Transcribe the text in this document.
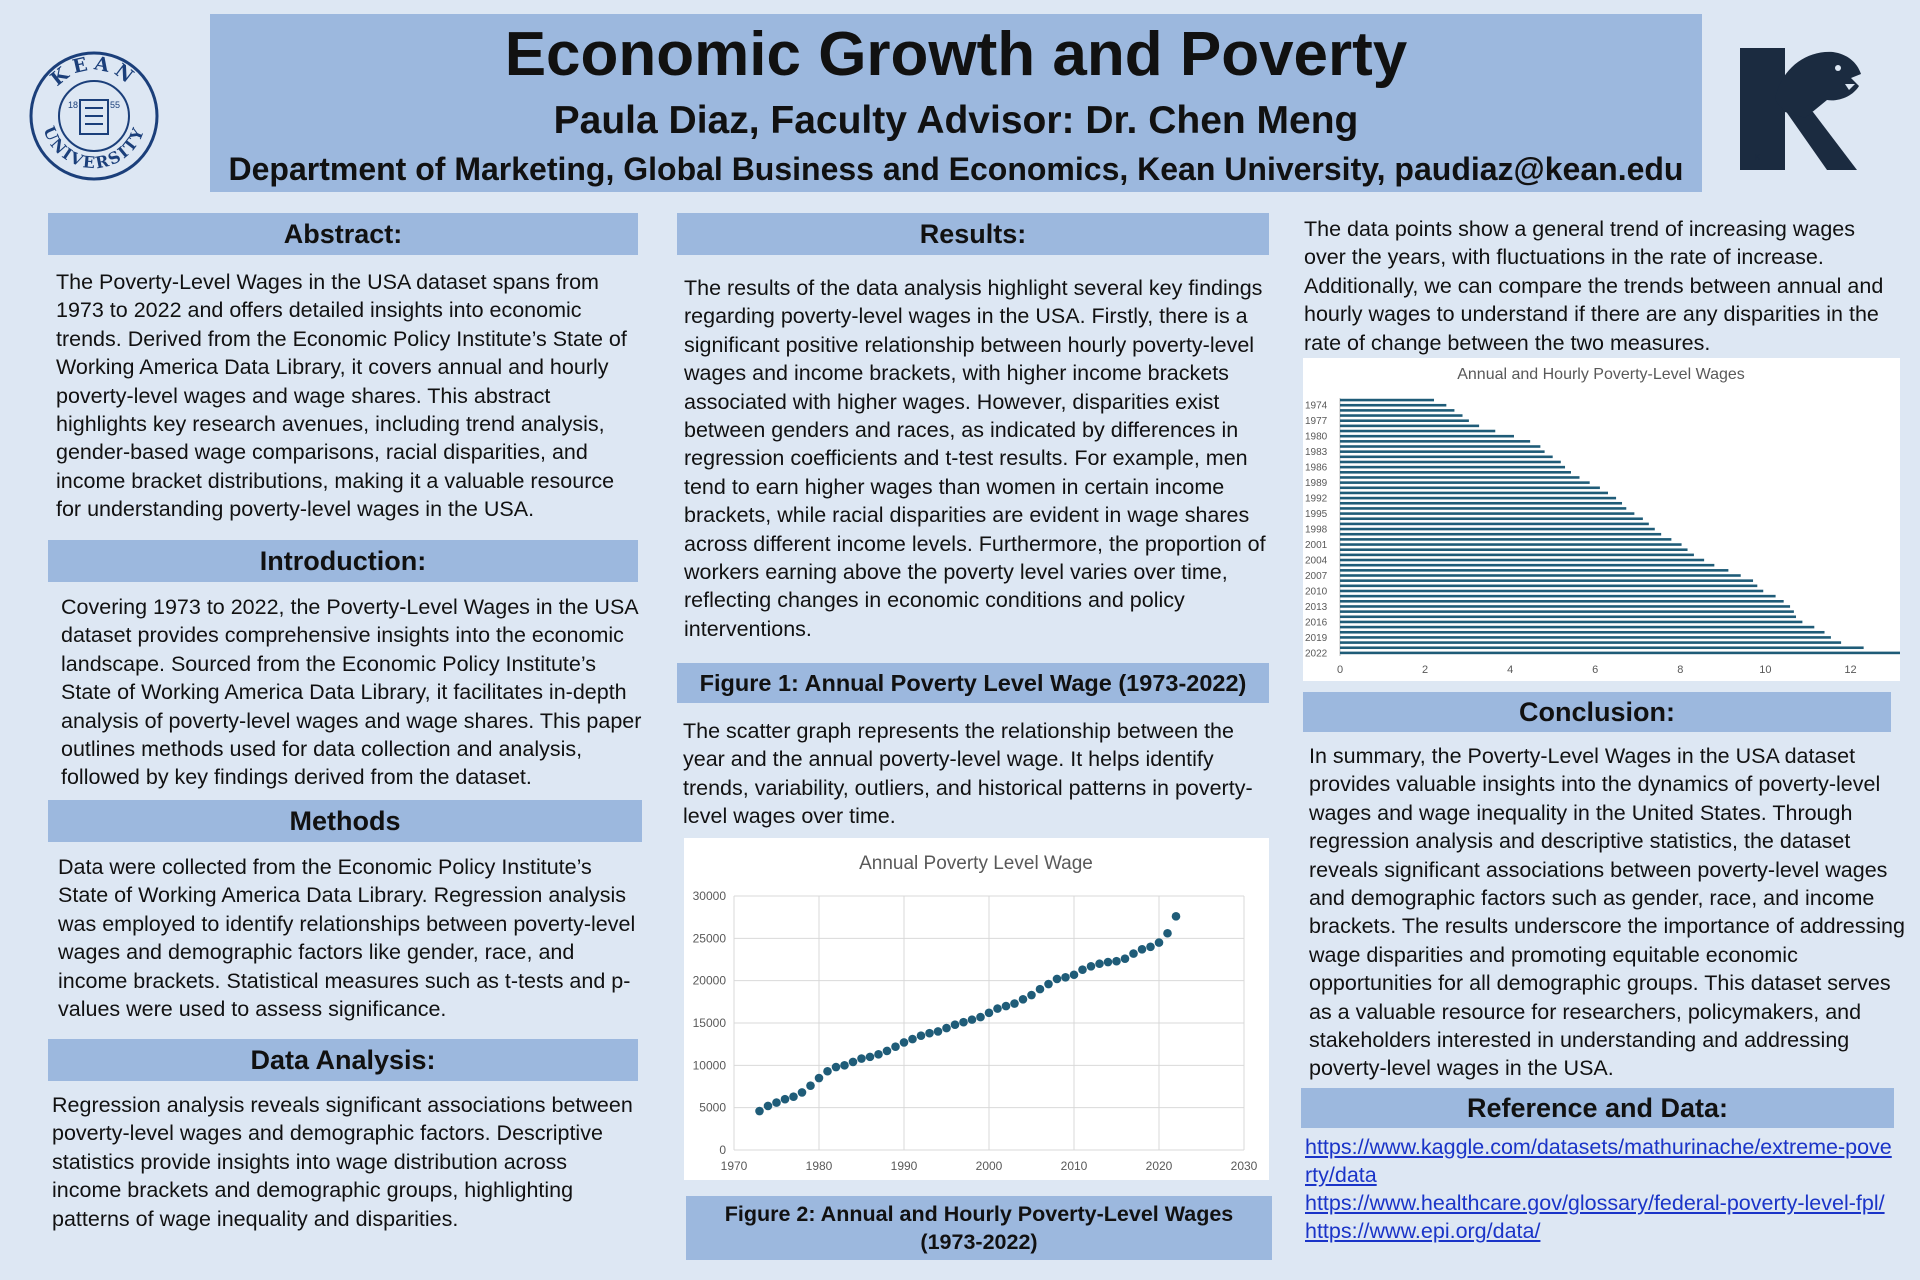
Economic Growth and Poverty
Paula Diaz, Faculty Advisor: Dr. Chen Meng
Department of Marketing, Global Business and Economics, Kean University, paudiaz@kean.edu
KEAN
UNIVERSITY
18	55
K
Abstract:
The Poverty-Level Wages in the USA dataset spans from 1973 to 2022 and offers detailed insights into economic trends. Derived from the Economic Policy Institute’s State of Working America Data Library, it covers annual and hourly poverty-level wages and wage shares. This abstract highlights key research avenues, including trend analysis, gender-based wage comparisons, racial disparities, and income bracket distributions, making it a valuable resource for understanding poverty-level wages in the USA.
Introduction:
Covering 1973 to 2022, the Poverty-Level Wages in the USA dataset provides comprehensive insights into the economic landscape. Sourced from the Economic Policy Institute’s State of Working America Data Library, it facilitates in-depth analysis of poverty-level wages and wage shares. This paper outlines methods used for data collection and analysis, followed by key findings derived from the dataset.
Methods
Data were collected from the Economic Policy Institute’s State of Working America Data Library. Regression analysis was employed to identify relationships between poverty-level wages and demographic factors like gender, race, and income brackets. Statistical measures such as t-tests and p-values were used to assess significance.
Data Analysis:
Regression analysis reveals significant associations between poverty-level wages and demographic factors. Descriptive statistics provide insights into wage distribution across income brackets and demographic groups, highlighting patterns of wage inequality and disparities.
Results:
The results of the data analysis highlight several key findings regarding poverty-level wages in the USA. Firstly, there is a significant positive relationship between hourly poverty-level wages and income brackets, with higher income brackets associated with higher wages. However, disparities exist between genders and races, as indicated by differences in regression coefficients and t-test results. For example, men tend to earn higher wages than women in certain income brackets, while racial disparities are evident in wage shares across different income levels. Furthermore, the proportion of workers earning above the poverty level varies over time, reflecting changes in economic conditions and policy interventions.
Figure 1: Annual Poverty Level Wage (1973-2022)
The scatter graph represents the relationship between the year and the annual poverty-level wage. It helps identify trends, variability, outliers, and historical patterns in poverty-level wages over time.
Annual Poverty Level Wage
0
5000
10000
15000
20000
25000
30000
1970	1980	1990	2000	2010	2020	2030
Figure 2: Annual and Hourly Poverty-Level Wages
(1973-2022)
The data points show a general trend of increasing wages over the years, with fluctuations in the rate of increase. Additionally, we can compare the trends between annual and hourly wages to understand if there are any disparities in the rate of change between the two measures.
Annual and Hourly Poverty-Level Wages
1974
1977
1980
1983
1986
1989
1992
1995
1998
2001
2004
2007
2010
2013
2016
2019
2022
0	2	4	6	8	10	12
Conclusion:
In summary, the Poverty-Level Wages in the USA dataset provides valuable insights into the dynamics of poverty-level wages and wage inequality in the United States. Through regression analysis and descriptive statistics, the dataset reveals significant associations between poverty-level wages and demographic factors such as gender, race, and income brackets. The results underscore the importance of addressing wage disparities and promoting equitable economic opportunities for all demographic groups. This dataset serves as a valuable resource for researchers, policymakers, and stakeholders interested in understanding and addressing poverty-level wages in the USA.
Reference and Data:
https://www.kaggle.com/datasets/mathurinache/extreme-poverty/data
https://www.healthcare.gov/glossary/federal-poverty-level-fpl/
https://www.epi.org/data/
